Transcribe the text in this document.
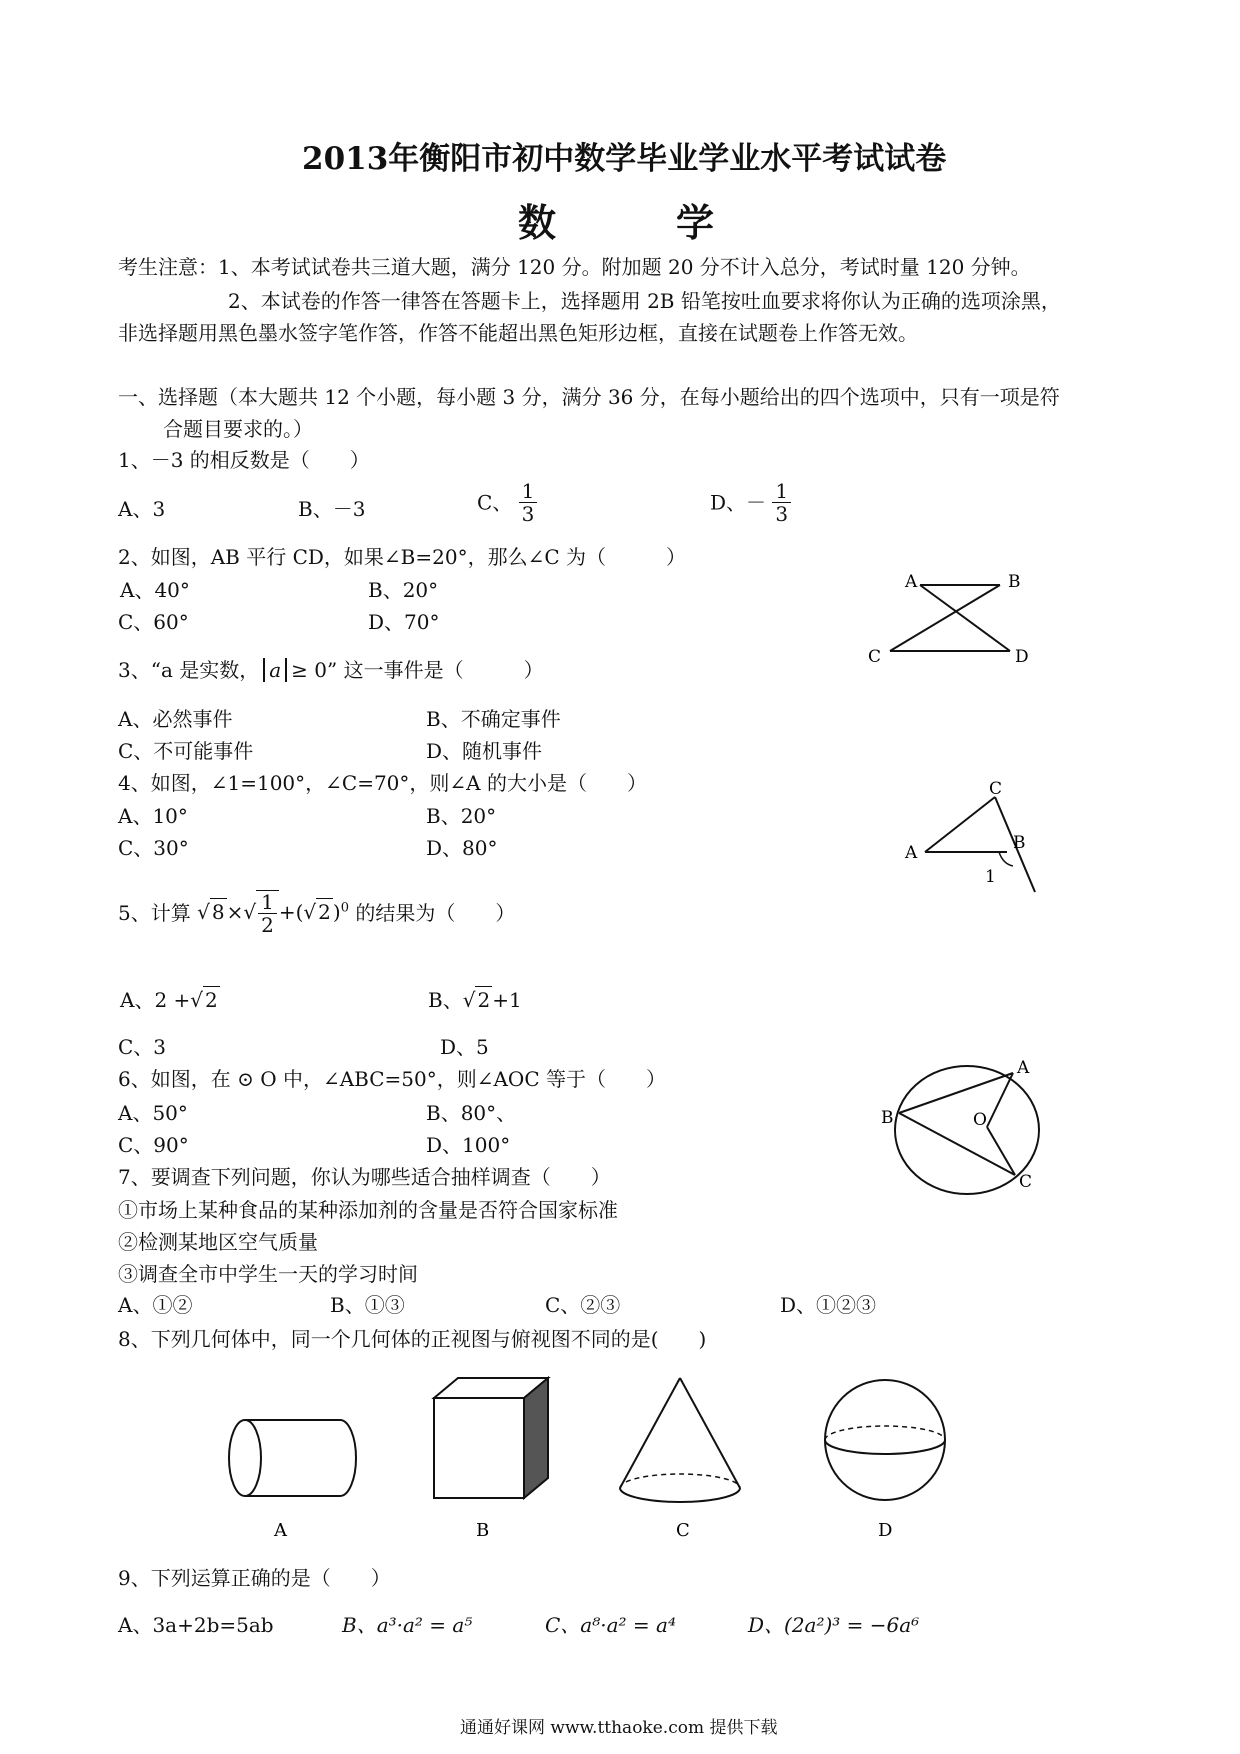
2013年衡阳市初中数学毕业学业水平考试试卷
数学
考生注意：1、本考试试卷共三道大题，满分 120 分。附加题 20 分不计入总分，考试时量 120 分钟。
2、本试卷的作答一律答在答题卡上，选择题用 2B 铅笔按吐血要求将你认为正确的选项涂黑，
非选择题用黑色墨水签字笔作答，作答不能超出黑色矩形边框，直接在试题卷上作答无效。
一、选择题（本大题共 12 个小题，每小题 3 分，满分 36 分，在每小题给出的四个选项中，只有一项是符
合题目要求的。）
1、－3 的相反数是（　　）
A、3	B、－3	C、 $\frac{1}{3}$	D、－ $\frac{1}{3}$
2、如图，AB 平行 CD，如果∠B=20°，那么∠C 为（　　　）
A、40°	B、20°
C、60°	D、70°
A	B
C	D
3、“a 是实数， a ≥ 0” 这一事件是（　　　）
A、必然事件	B、不确定事件
C、不可能事件	D、随机事件
4、如图，∠1=100°，∠C=70°，则∠A 的大小是（　　）
A、10°	B、20°
C、30°	D、80°	A
C
B
1
5、计算 √ 8 ×√ $\frac{1}{2}$ +(√ 2 )$^0$ 的结果为（　　）
A、2 +√ 2	B、√ 2 +1
C、3	D、5
6、如图，在 ⊙ O 中，∠ABC=50°，则∠AOC 等于（　　）
A、50°	B、80°、
C、90°	D、100°
A
B
C
O
7、要调查下列问题，你认为哪些适合抽样调查（　　）
①市场上某种食品的某种添加剂的含量是否符合国家标准
②检测某地区空气质量
③调查全市中学生一天的学习时间
A、①②	B、①③	C、②③	D、①②③
8、下列几何体中，同一个几何体的正视图与俯视图不同的是(　　)
A	B	C	D
9、下列运算正确的是（　　）
A、3a+2b=5ab	B、a³·a² = a⁵	C、a⁸·a² = a⁴	D、(2a²)³ = −6a⁶
通通好课网 www.tthaoke.com 提供下载
